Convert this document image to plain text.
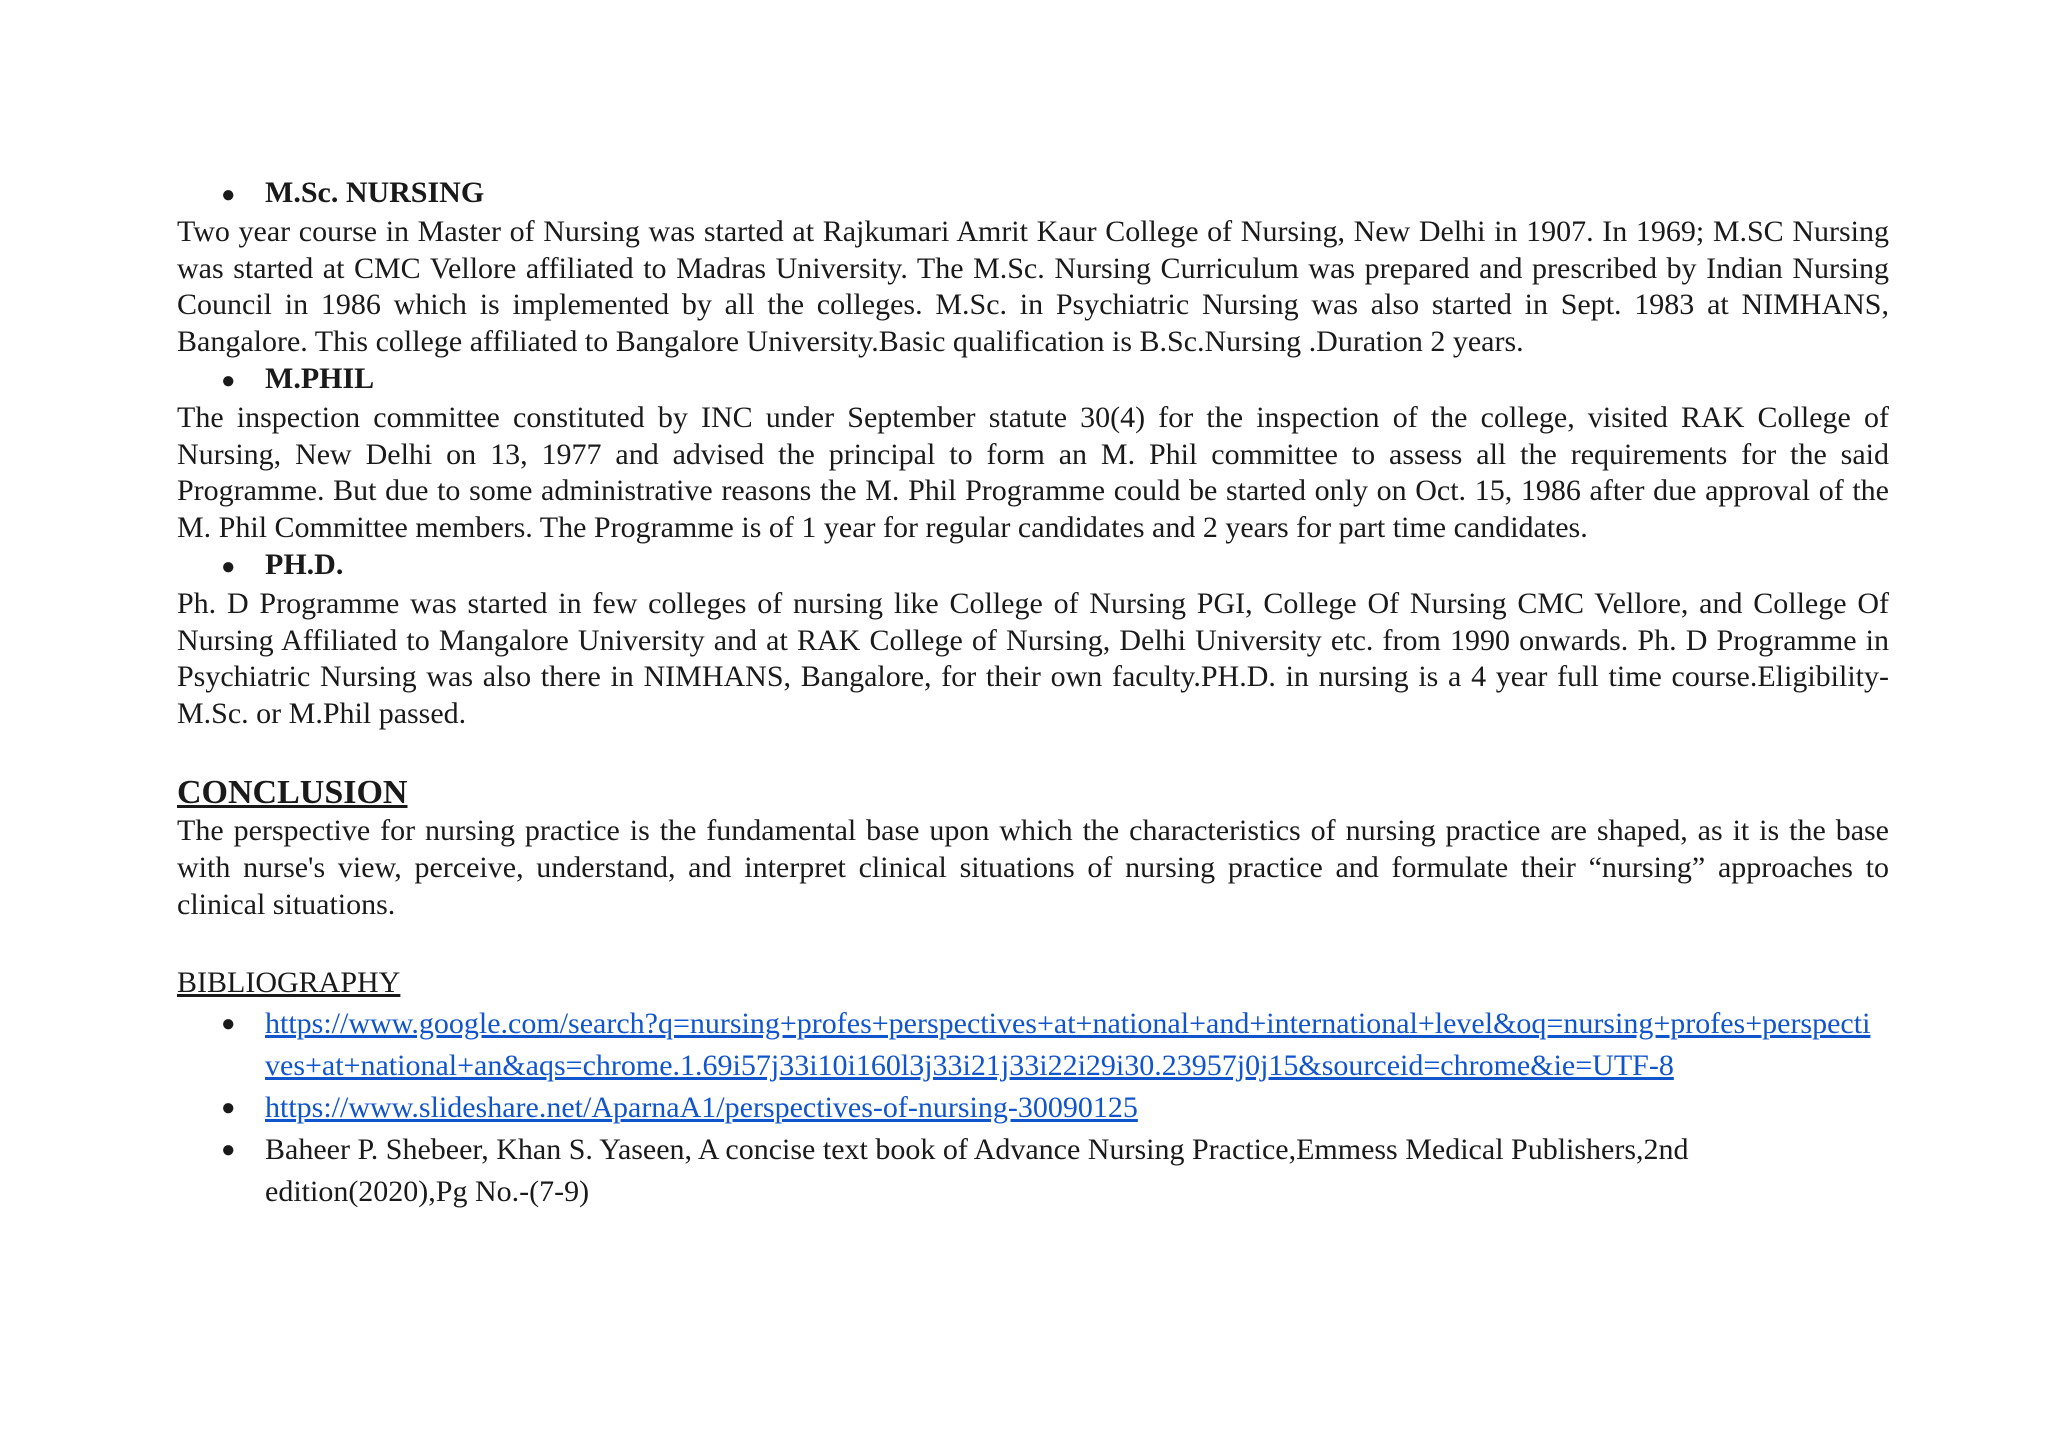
● M.Sc. NURSING

Two year course in Master of Nursing was started at Rajkumari Amrit Kaur College of Nursing, New Delhi in 1907. In 1969; M.SC Nursing was started at CMC Vellore affiliated to Madras University. The M.Sc. Nursing Curriculum was prepared and prescribed by Indian Nursing Council in 1986 which is implemented by all the colleges. M.Sc. in Psychiatric Nursing was also started in Sept. 1983 at NIMHANS, Bangalore. This college affiliated to Bangalore University.Basic qualification is B.Sc.Nursing .Duration 2 years.

● M.PHIL

The inspection committee constituted by INC under September statute 30(4) for the inspection of the college, visited RAK College of Nursing, New Delhi on 13, 1977 and advised the principal to form an M. Phil committee to assess all the requirements for the said Programme. But due to some administrative reasons the M. Phil Programme could be started only on Oct. 15, 1986 after due approval of the M. Phil Committee members. The Programme is of 1 year for regular candidates and 2 years for part time candidates.

● PH.D.

Ph. D Programme was started in few colleges of nursing like College of Nursing PGI, College Of Nursing CMC Vellore, and College Of Nursing Affiliated to Mangalore University and at RAK College of Nursing, Delhi University etc. from 1990 onwards. Ph. D Programme in Psychiatric Nursing was also there in NIMHANS, Bangalore, for their own faculty.PH.D. in nursing is a 4 year full time course.Eligibility- M.Sc. or M.Phil passed.

CONCLUSION

The perspective for nursing practice is the fundamental base upon which the characteristics of nursing practice are shaped, as it is the base with nurse's view, perceive, understand, and interpret clinical situations of nursing practice and formulate their “nursing” approaches to clinical situations.

BIBLIOGRAPHY
● https://www.google.com/search?q=nursing+profes+perspectives+at+national+and+international+level&oq=nursing+profes+perspectives+at+national+an&aqs=chrome.1.69i57j33i10i160l3j33i21j33i22i29i30.23957j0j15&sourceid=chrome&ie=UTF-8
● https://www.slideshare.net/AparnaA1/perspectives-of-nursing-30090125
● Baheer P. Shebeer, Khan S. Yaseen, A concise text book of Advance Nursing Practice,Emmess Medical Publishers,2nd edition(2020),Pg No.-(7-9)
